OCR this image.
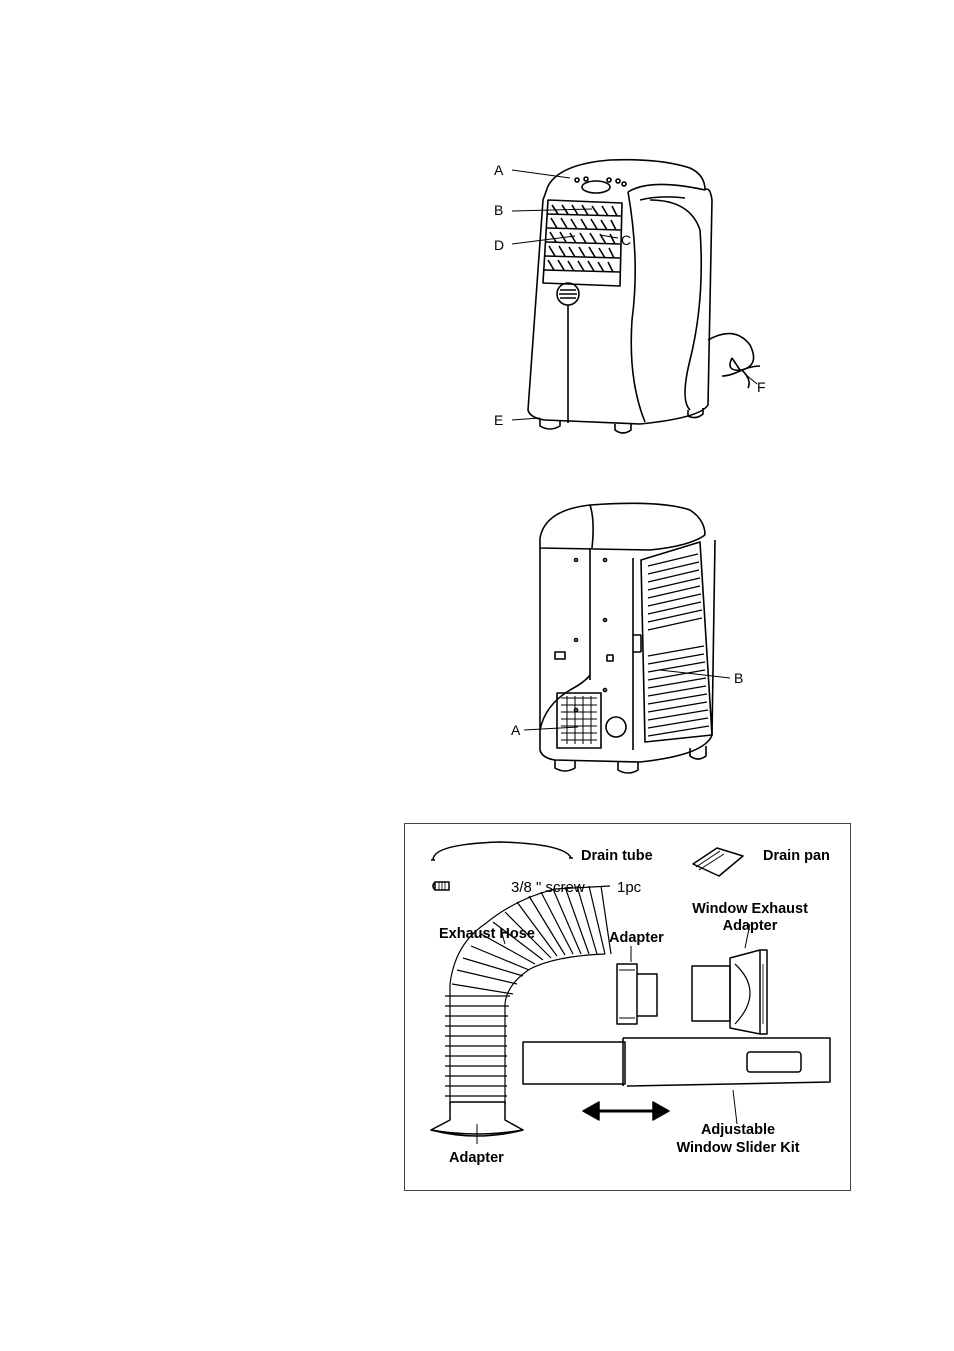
A
B
C
D
E
F
A
B
Drain tube	Drain pan
3/8 " screw 1pc
Window Exhaust
Adapter
Exhaust Hose	Adapter
Adapter
Adjustable
Window Slider Kit
